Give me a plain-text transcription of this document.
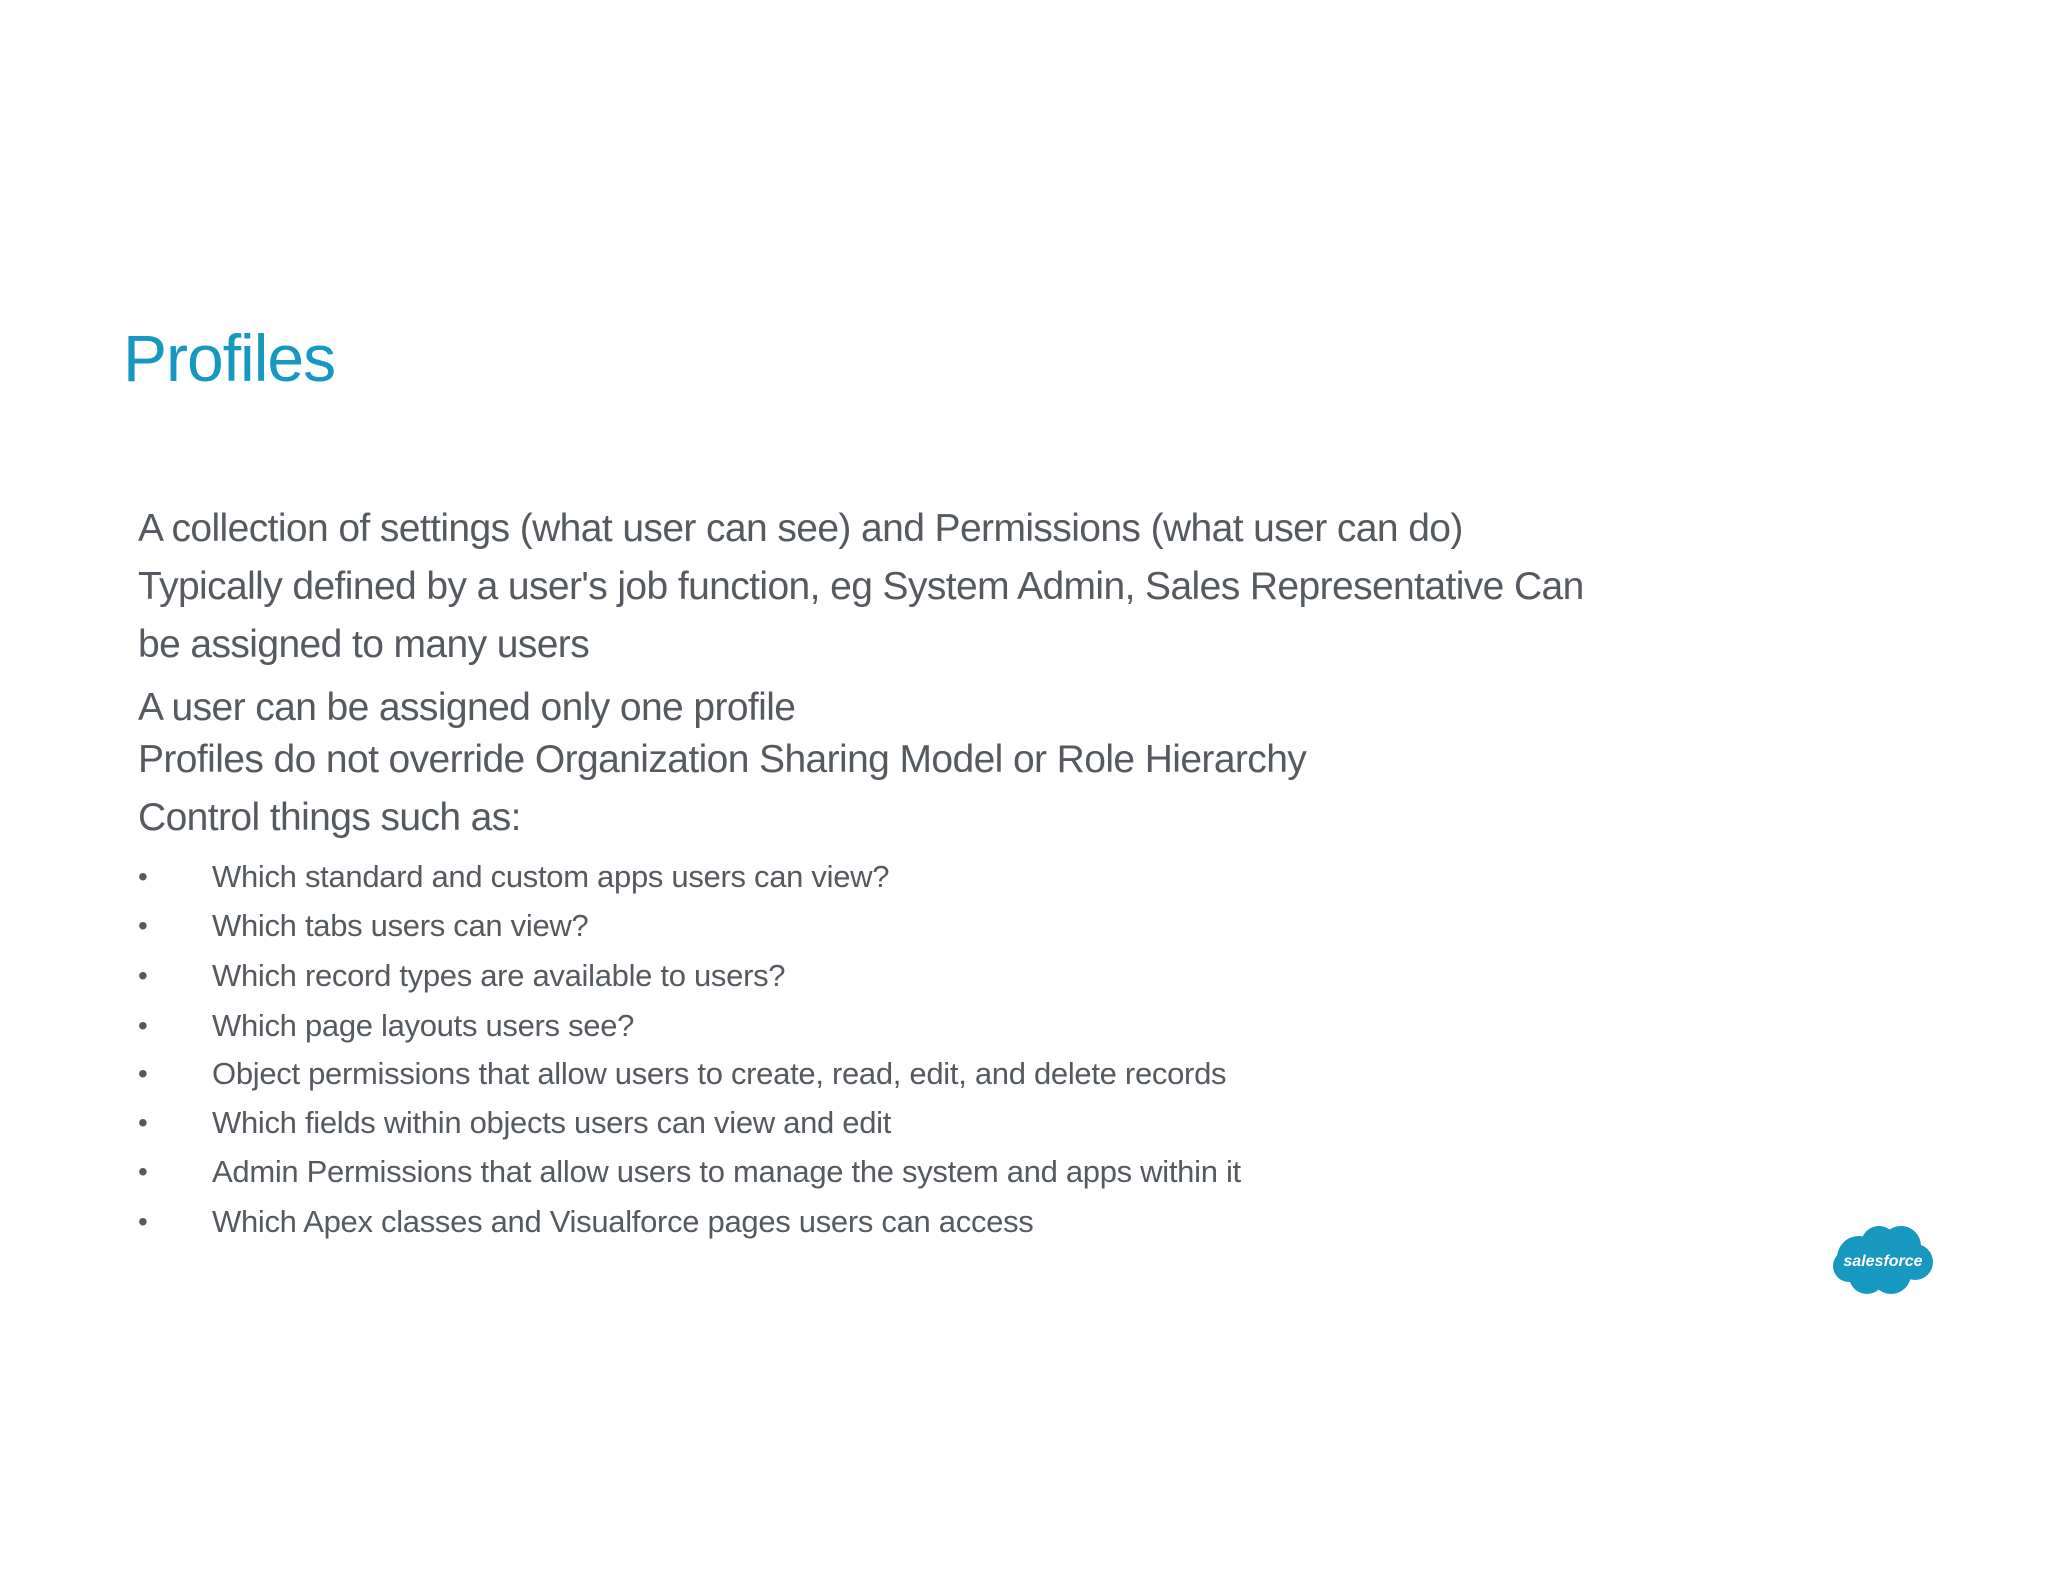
Profiles

A collection of settings (what user can see) and Permissions (what user can do)

Typically defined by a user's job function, eg System Admin, Sales Representative Can

be assigned to many users

A user can be assigned only one profile

Profiles do not override Organization Sharing Model or Role Hierarchy

Control things such as:

• Which standard and custom apps users can view?
• Which tabs users can view?
• Which record types are available to users?
• Which page layouts users see?
• Object permissions that allow users to create, read, edit, and delete records
• Which fields within objects users can view and edit
• Admin Permissions that allow users to manage the system and apps within it
• Which Apex classes and Visualforce pages users can access
salesforce
